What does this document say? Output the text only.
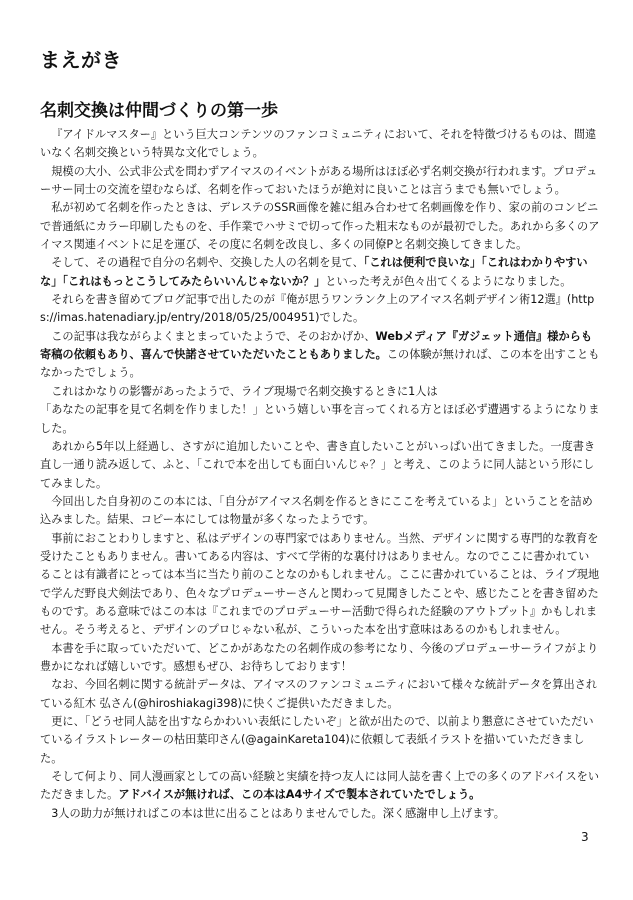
まえがき
名刺交換は仲間づくりの第一歩

『アイドルマスター』という巨大コンテンツのファンコミュニティにおいて、それを特徴づけるものは、間違いなく名刺交換という特異な文化でしょう。

規模の大小、公式非公式を問わずアイマスのイベントがある場所はほぼ必ず名刺交換が行われます。プロデューサー同士の交流を望むならば、名刺を作っておいたほうが絶対に良いことは言うまでも無いでしょう。

私が初めて名刺を作ったときは、デレステのSSR画像を雑に組み合わせて名刺画像を作り、家の前のコンビニで普通紙にカラー印刷したものを、手作業でハサミで切って作った粗末なものが最初でした。あれから多くのアイマス関連イベントに足を運び、その度に名刺を改良し、多くの同僚Pと名刺交換してきました。

そして、その過程で自分の名刺や、交換した人の名刺を見て、「これは便利で良いな」「これはわかりやすいな」「これはもっとこうしてみたらいいんじゃないか？」といった考えが色々出てくるようになりました。

それらを書き留めてブログ記事で出したのが『俺が思うワンランク上のアイマス名刺デザイン術12選』(https://imas.hatenadiary.jp/entry/2018/05/25/004951)でした。

この記事は我ながらよくまとまっていたようで、そのおかげか、Webメディア『ガジェット通信』様からも寄稿の依頼もあり、喜んで快諾させていただいたこともありました。この体験が無ければ、この本を出すこともなかったでしょう。

これはかなりの影響があったようで、ライブ現場で名刺交換するときに1人は

「あなたの記事を見て名刺を作りました！」という嬉しい事を言ってくれる方とほぼ必ず遭遇するようになりました。

あれから5年以上経過し、さすがに追加したいことや、書き直したいことがいっぱい出てきました。一度書き直し一通り読み返して、ふと、「これで本を出しても面白いんじゃ？」と考え、このように同人誌という形にしてみました。

今回出した自身初のこの本には、「自分がアイマス名刺を作るときにここを考えているよ」ということを詰め込みました。結果、コピー本にしては物量が多くなったようです。

事前におことわりしますと、私はデザインの専門家ではありません。当然、デザインに関する専門的な教育を受けたこともありません。書いてある内容は、すべて学術的な裏付けはありません。なのでここに書かれていることは有識者にとっては本当に当たり前のことなのかもしれません。ここに書かれていることは、ライブ現地で学んだ野良犬剣法であり、色々なプロデューサーさんと関わって見聞きしたことや、感じたことを書き留めたものです。ある意味ではこの本は『これまでのプロデューサー活動で得られた経験のアウトプット』かもしれません。そう考えると、デザインのプロじゃない私が、こういった本を出す意味はあるのかもしれません。

本書を手に取っていただいて、どこかがあなたの名刺作成の参考になり、今後のプロデューサーライフがより豊かになれば嬉しいです。感想もぜひ、お待ちしております！

なお、今回名刺に関する統計データは、アイマスのファンコミュニティにおいて様々な統計データを算出されている紅木 弘さん(@hiroshiakagi398)に快くご提供いただきました。

更に、「どうせ同人誌を出すならかわいい表紙にしたいぞ」と欲が出たので、以前より懇意にさせていただいているイラストレーターの枯田葉印さん(@againKareta104)に依頼して表紙イラストを描いていただきました。

そして何より、同人漫画家としての高い経験と実績を持つ友人には同人誌を書く上での多くのアドバイスをいただきました。アドバイスが無ければ、この本はA4サイズで製本されていたでしょう。

3人の助力が無ければこの本は世に出ることはありませんでした。深く感謝申し上げます。

3
